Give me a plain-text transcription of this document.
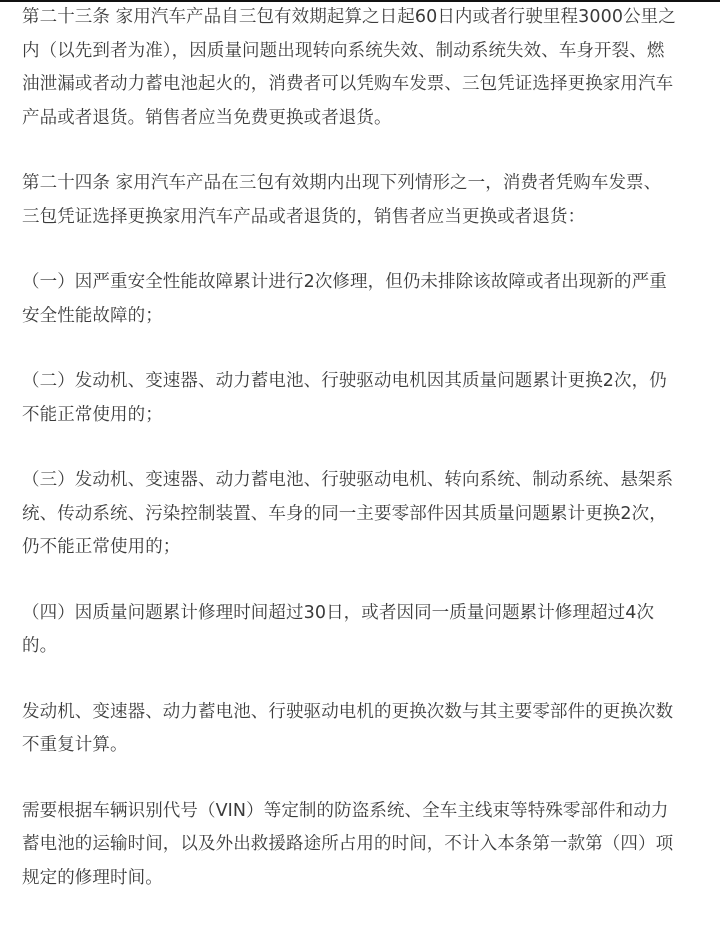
第二十三条 家用汽车产品自三包有效期起算之日起60日内或者行驶里程3000公里之
内（以先到者为准），因质量问题出现转向系统失效、制动系统失效、车身开裂、燃
油泄漏或者动力蓄电池起火的，消费者可以凭购车发票、三包凭证选择更换家用汽车
产品或者退货。销售者应当免费更换或者退货。
第二十四条 家用汽车产品在三包有效期内出现下列情形之一，消费者凭购车发票、
三包凭证选择更换家用汽车产品或者退货的，销售者应当更换或者退货：
（一）因严重安全性能故障累计进行2次修理，但仍未排除该故障或者出现新的严重
安全性能故障的；
（二）发动机、变速器、动力蓄电池、行驶驱动电机因其质量问题累计更换2次，仍
不能正常使用的；
（三）发动机、变速器、动力蓄电池、行驶驱动电机、转向系统、制动系统、悬架系
统、传动系统、污染控制装置、车身的同一主要零部件因其质量问题累计更换2次，
仍不能正常使用的；
（四）因质量问题累计修理时间超过30日，或者因同一质量问题累计修理超过4次
的。
发动机、变速器、动力蓄电池、行驶驱动电机的更换次数与其主要零部件的更换次数
不重复计算。
需要根据车辆识别代号（VIN）等定制的防盗系统、全车主线束等特殊零部件和动力
蓄电池的运输时间，以及外出救援路途所占用的时间，不计入本条第一款第（四）项
规定的修理时间。
